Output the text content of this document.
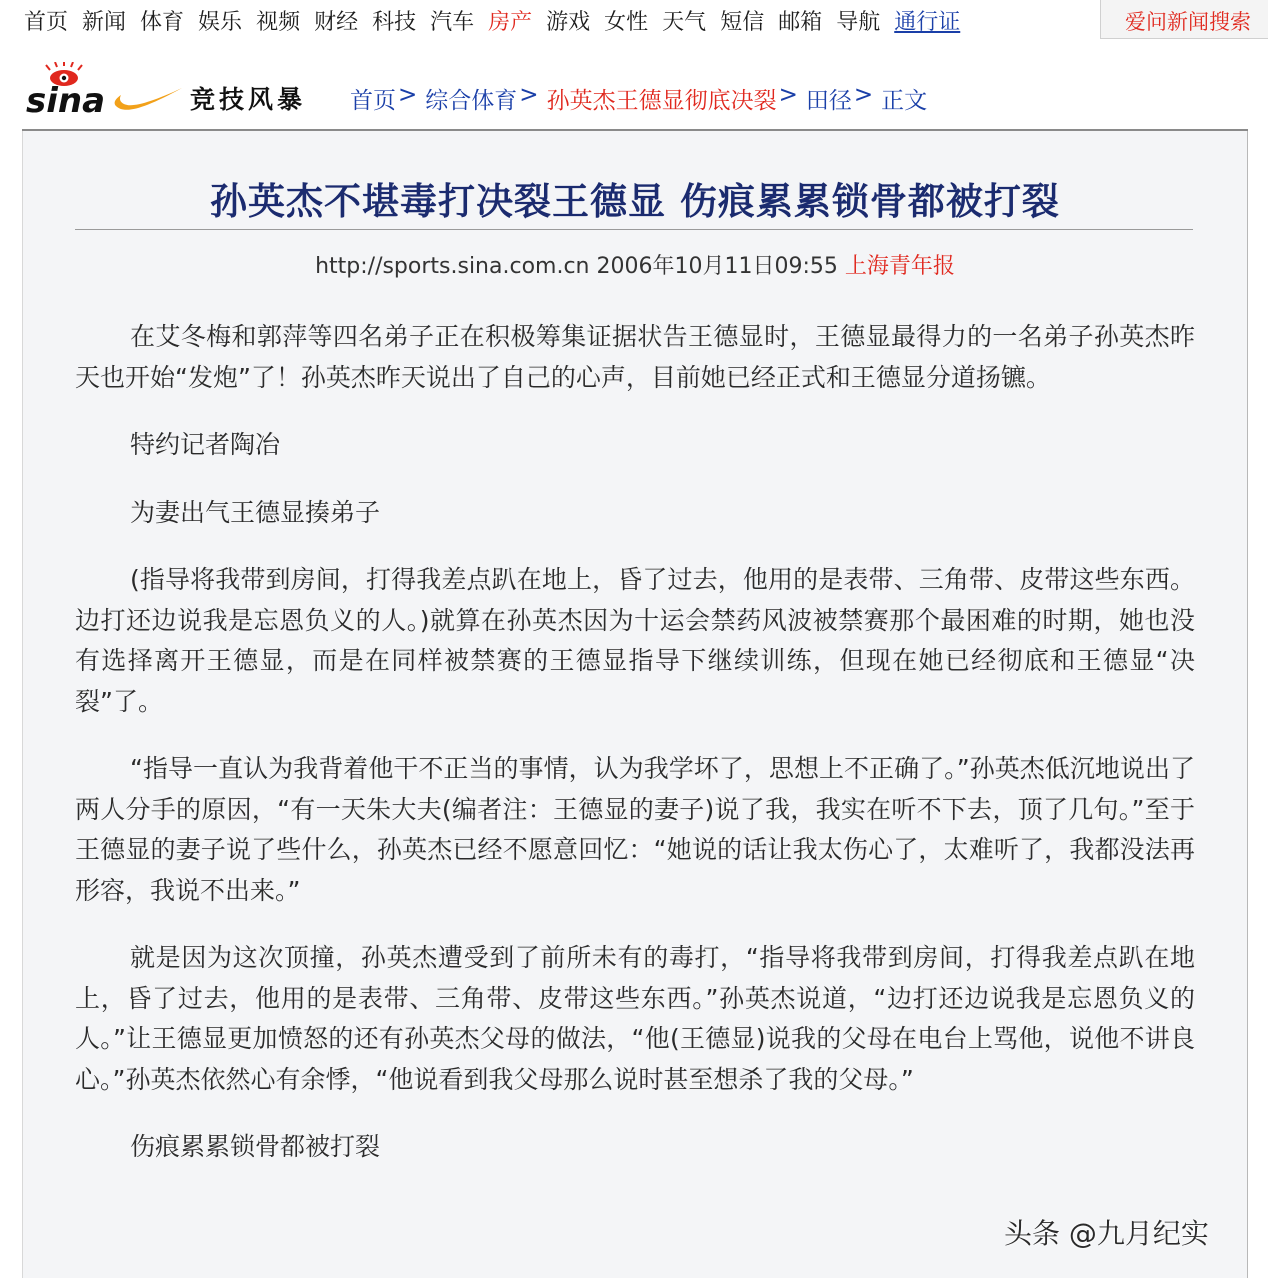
首页 新闻 体育 娱乐 视频 财经 科技 汽车 房产 游戏 女性 天气 短信 邮箱 导航 通行证	爱问新闻搜索
sina	竞技风暴 首页 > 综合体育 > 孙英杰王德显彻底决裂 > 田径 > 正文
孙英杰不堪毒打决裂王德显 伤痕累累锁骨都被打裂
http://sports.sina.com.cn 2006年10月11日09:55 上海青年报

在艾冬梅和郭萍等四名弟子正在积极筹集证据状告王德显时，王德显最得力的一名弟子孙英杰昨天也开始“发炮”了！孙英杰昨天说出了自己的心声，目前她已经正式和王德显分道扬镳。

特约记者陶冶

为妻出气王德显揍弟子

(指导将我带到房间，打得我差点趴在地上，昏了过去，他用的是表带、三角带、皮带这些东西。边打还边说我是忘恩负义的人。)就算在孙英杰因为十运会禁药风波被禁赛那个最困难的时期，她也没有选择离开王德显，而是在同样被禁赛的王德显指导下继续训练，但现在她已经彻底和王德显“决裂”了。

“指导一直认为我背着他干不正当的事情，认为我学坏了，思想上不正确了。”孙英杰低沉地说出了两人分手的原因，“有一天朱大夫(编者注：王德显的妻子)说了我，我实在听不下去，顶了几句。”至于王德显的妻子说了些什么，孙英杰已经不愿意回忆：“她说的话让我太伤心了，太难听了，我都没法再形容，我说不出来。”

就是因为这次顶撞，孙英杰遭受到了前所未有的毒打，“指导将我带到房间，打得我差点趴在地上，昏了过去，他用的是表带、三角带、皮带这些东西。”孙英杰说道，“边打还边说我是忘恩负义的人。”让王德显更加愤怒的还有孙英杰父母的做法，“他(王德显)说我的父母在电台上骂他，说他不讲良心。”孙英杰依然心有余悸，“他说看到我父母那么说时甚至想杀了我的父母。”

伤痕累累锁骨都被打裂

头条 @九月纪实
